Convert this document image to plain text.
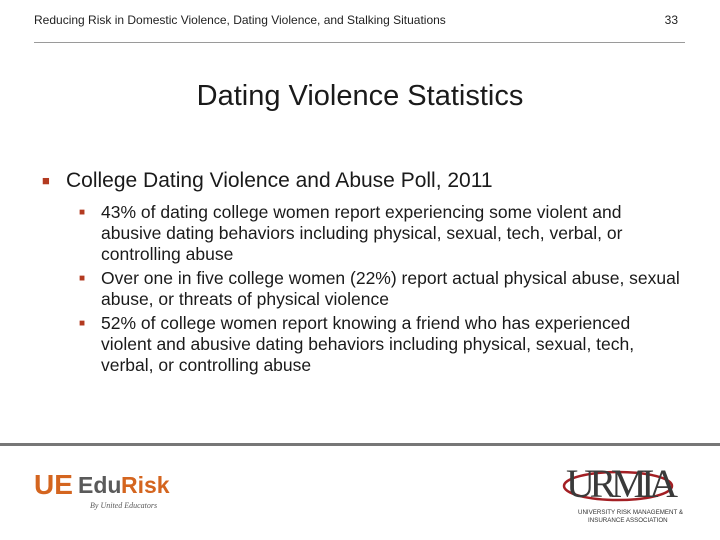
Reducing Risk in Domestic Violence, Dating Violence, and Stalking Situations	33
Dating Violence Statistics
■ College Dating Violence and Abuse Poll, 2011
■ 43% of dating college women report experiencing some violent and abusive dating behaviors including physical, sexual, tech, verbal, or controlling abuse
■ Over one in five college women (22%) report actual physical abuse, sexual abuse, or threats of physical violence
■ 52% of college women report knowing a friend who has experienced violent and abusive dating behaviors including physical, sexual, tech, verbal, or controlling abuse
UE Edu Risk
By United Educators	URMIA
UNIVERSITY RISK MANAGEMENT &
INSURANCE ASSOCIATION
